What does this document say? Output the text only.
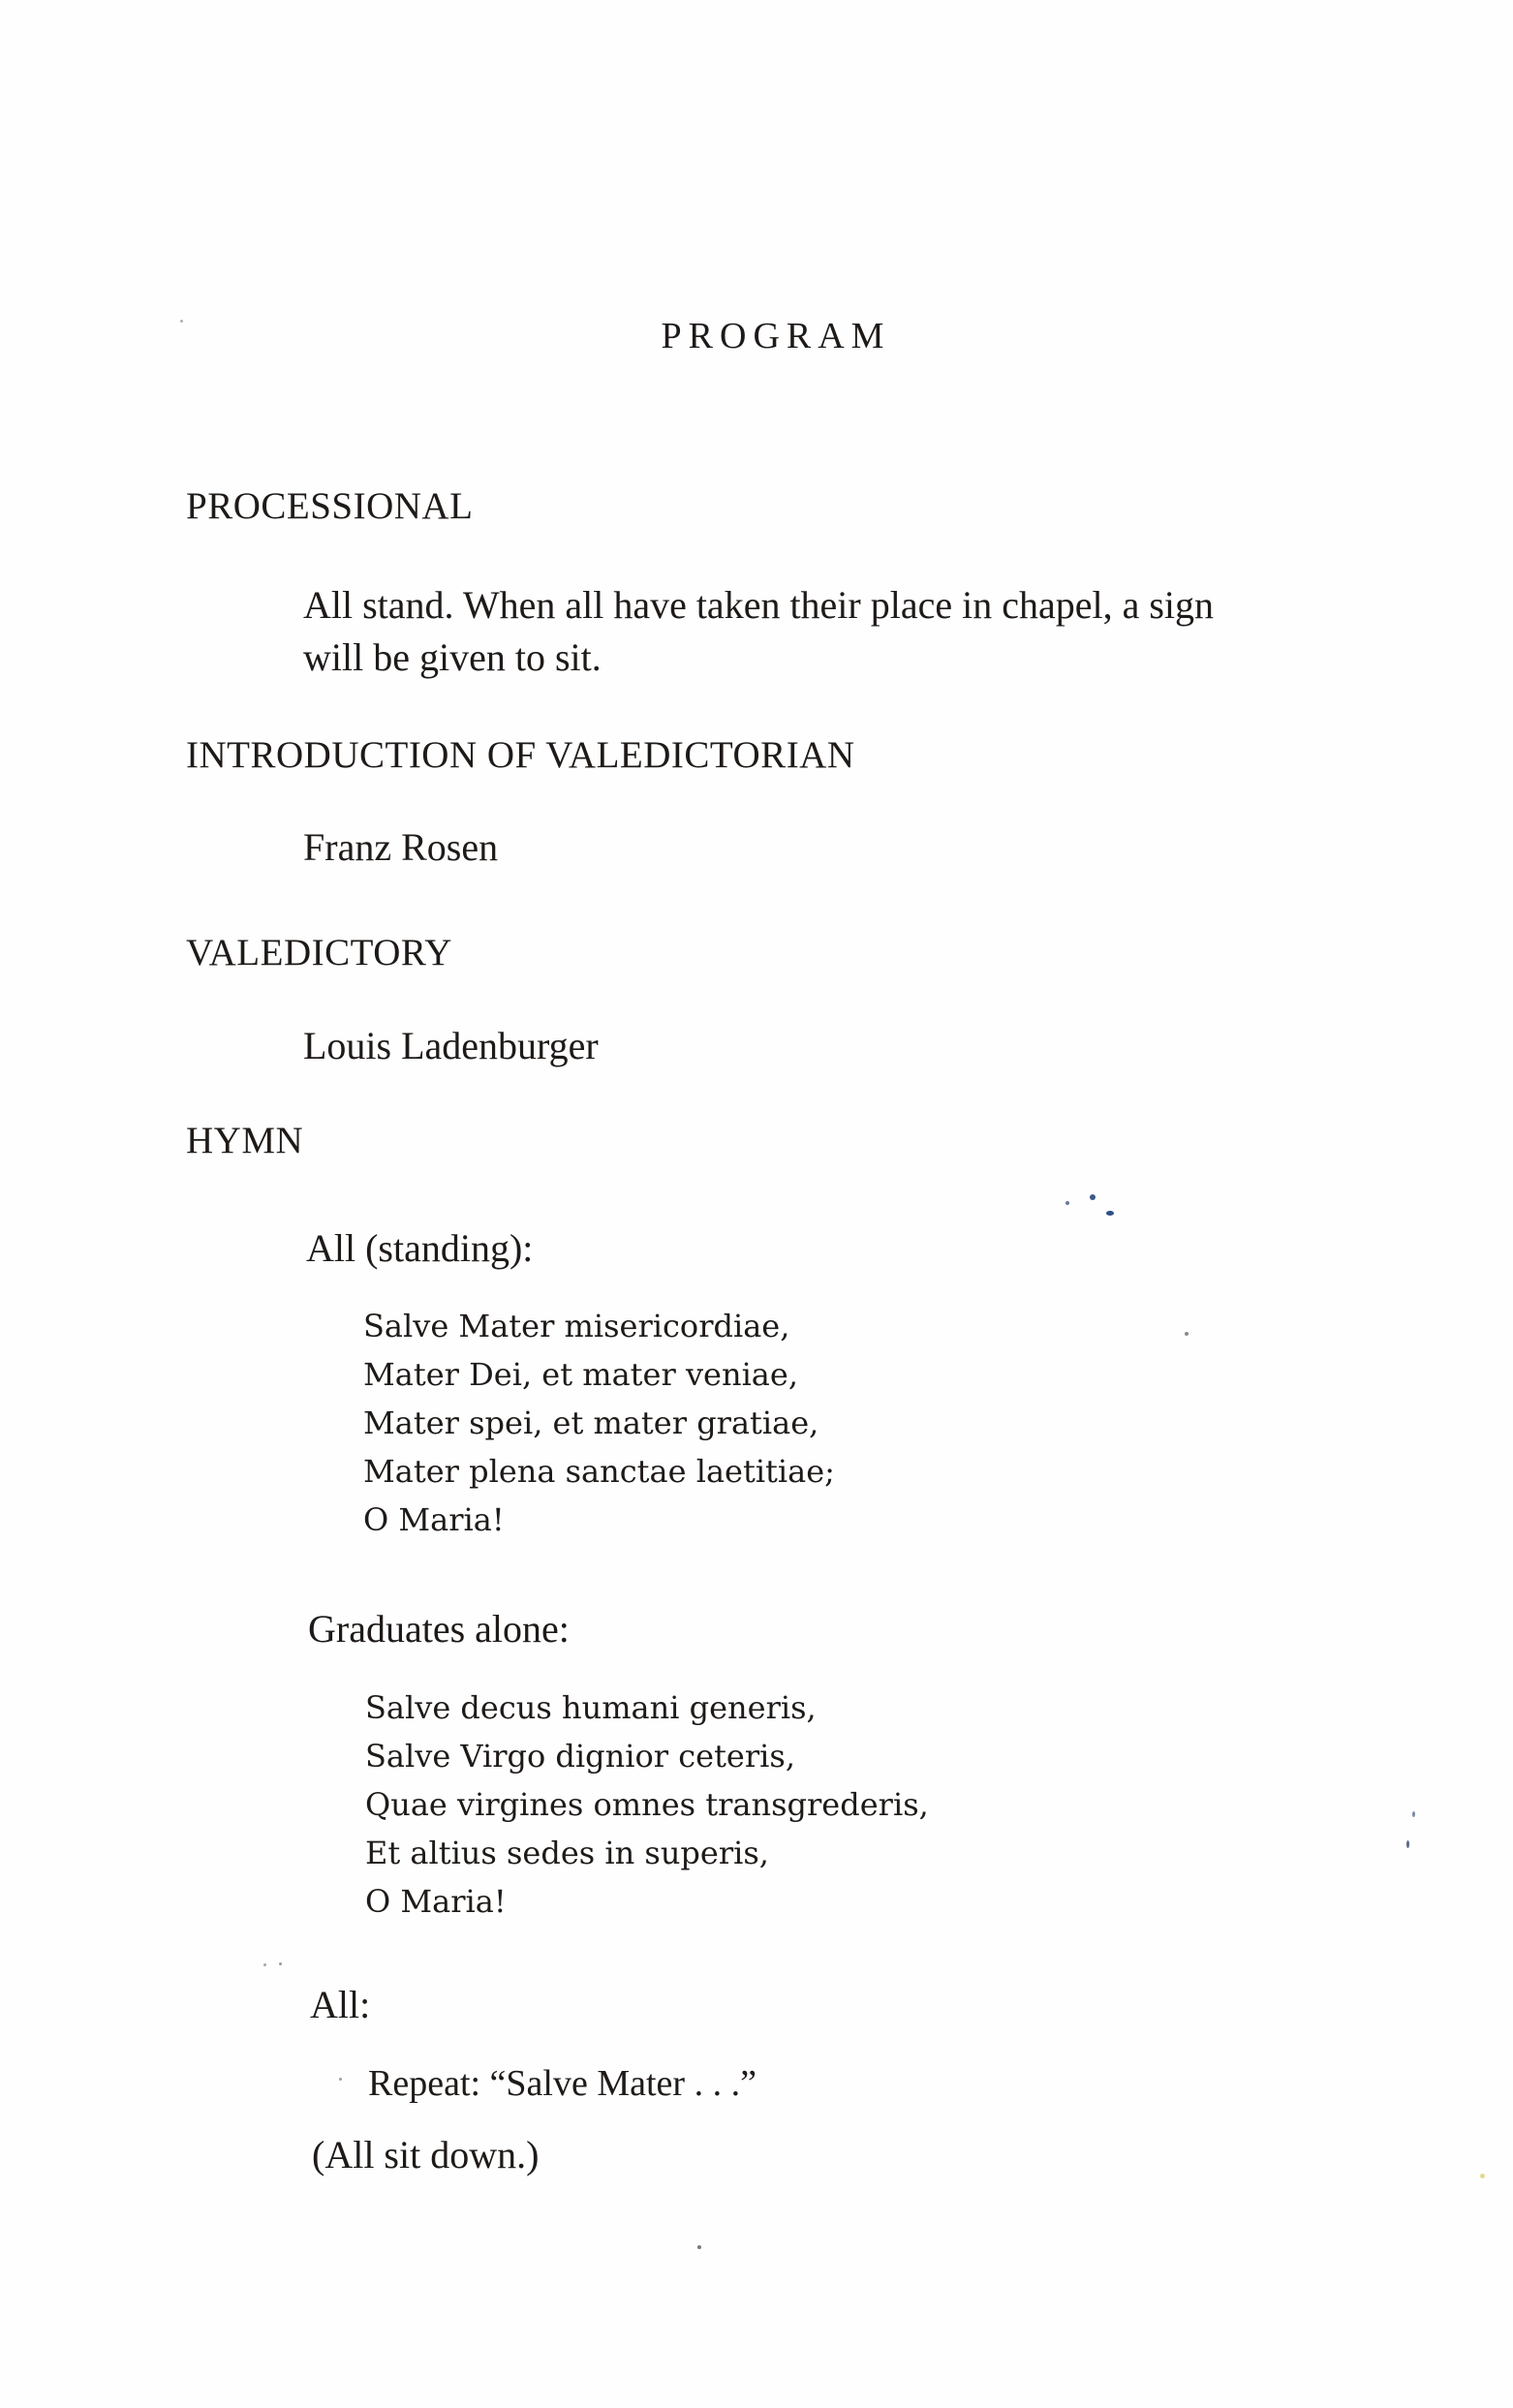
PROGRAM
PROCESSIONAL
All stand. When all have taken their place in chapel, a sign
will be given to sit.
INTRODUCTION OF VALEDICTORIAN
Franz Rosen
VALEDICTORY
Louis Ladenburger
HYMN
All (standing):
Salve Mater misericordiae,
Mater Dei, et mater veniae,
Mater spei, et mater gratiae,
Mater plena sanctae laetitiae;
O Maria!
Graduates alone:
Salve decus humani generis,
Salve Virgo dignior ceteris,
Quae virgines omnes transgrederis,
Et altius sedes in superis,
O Maria!
All:
Repeat: “Salve Mater . . .”
(All sit down.)
